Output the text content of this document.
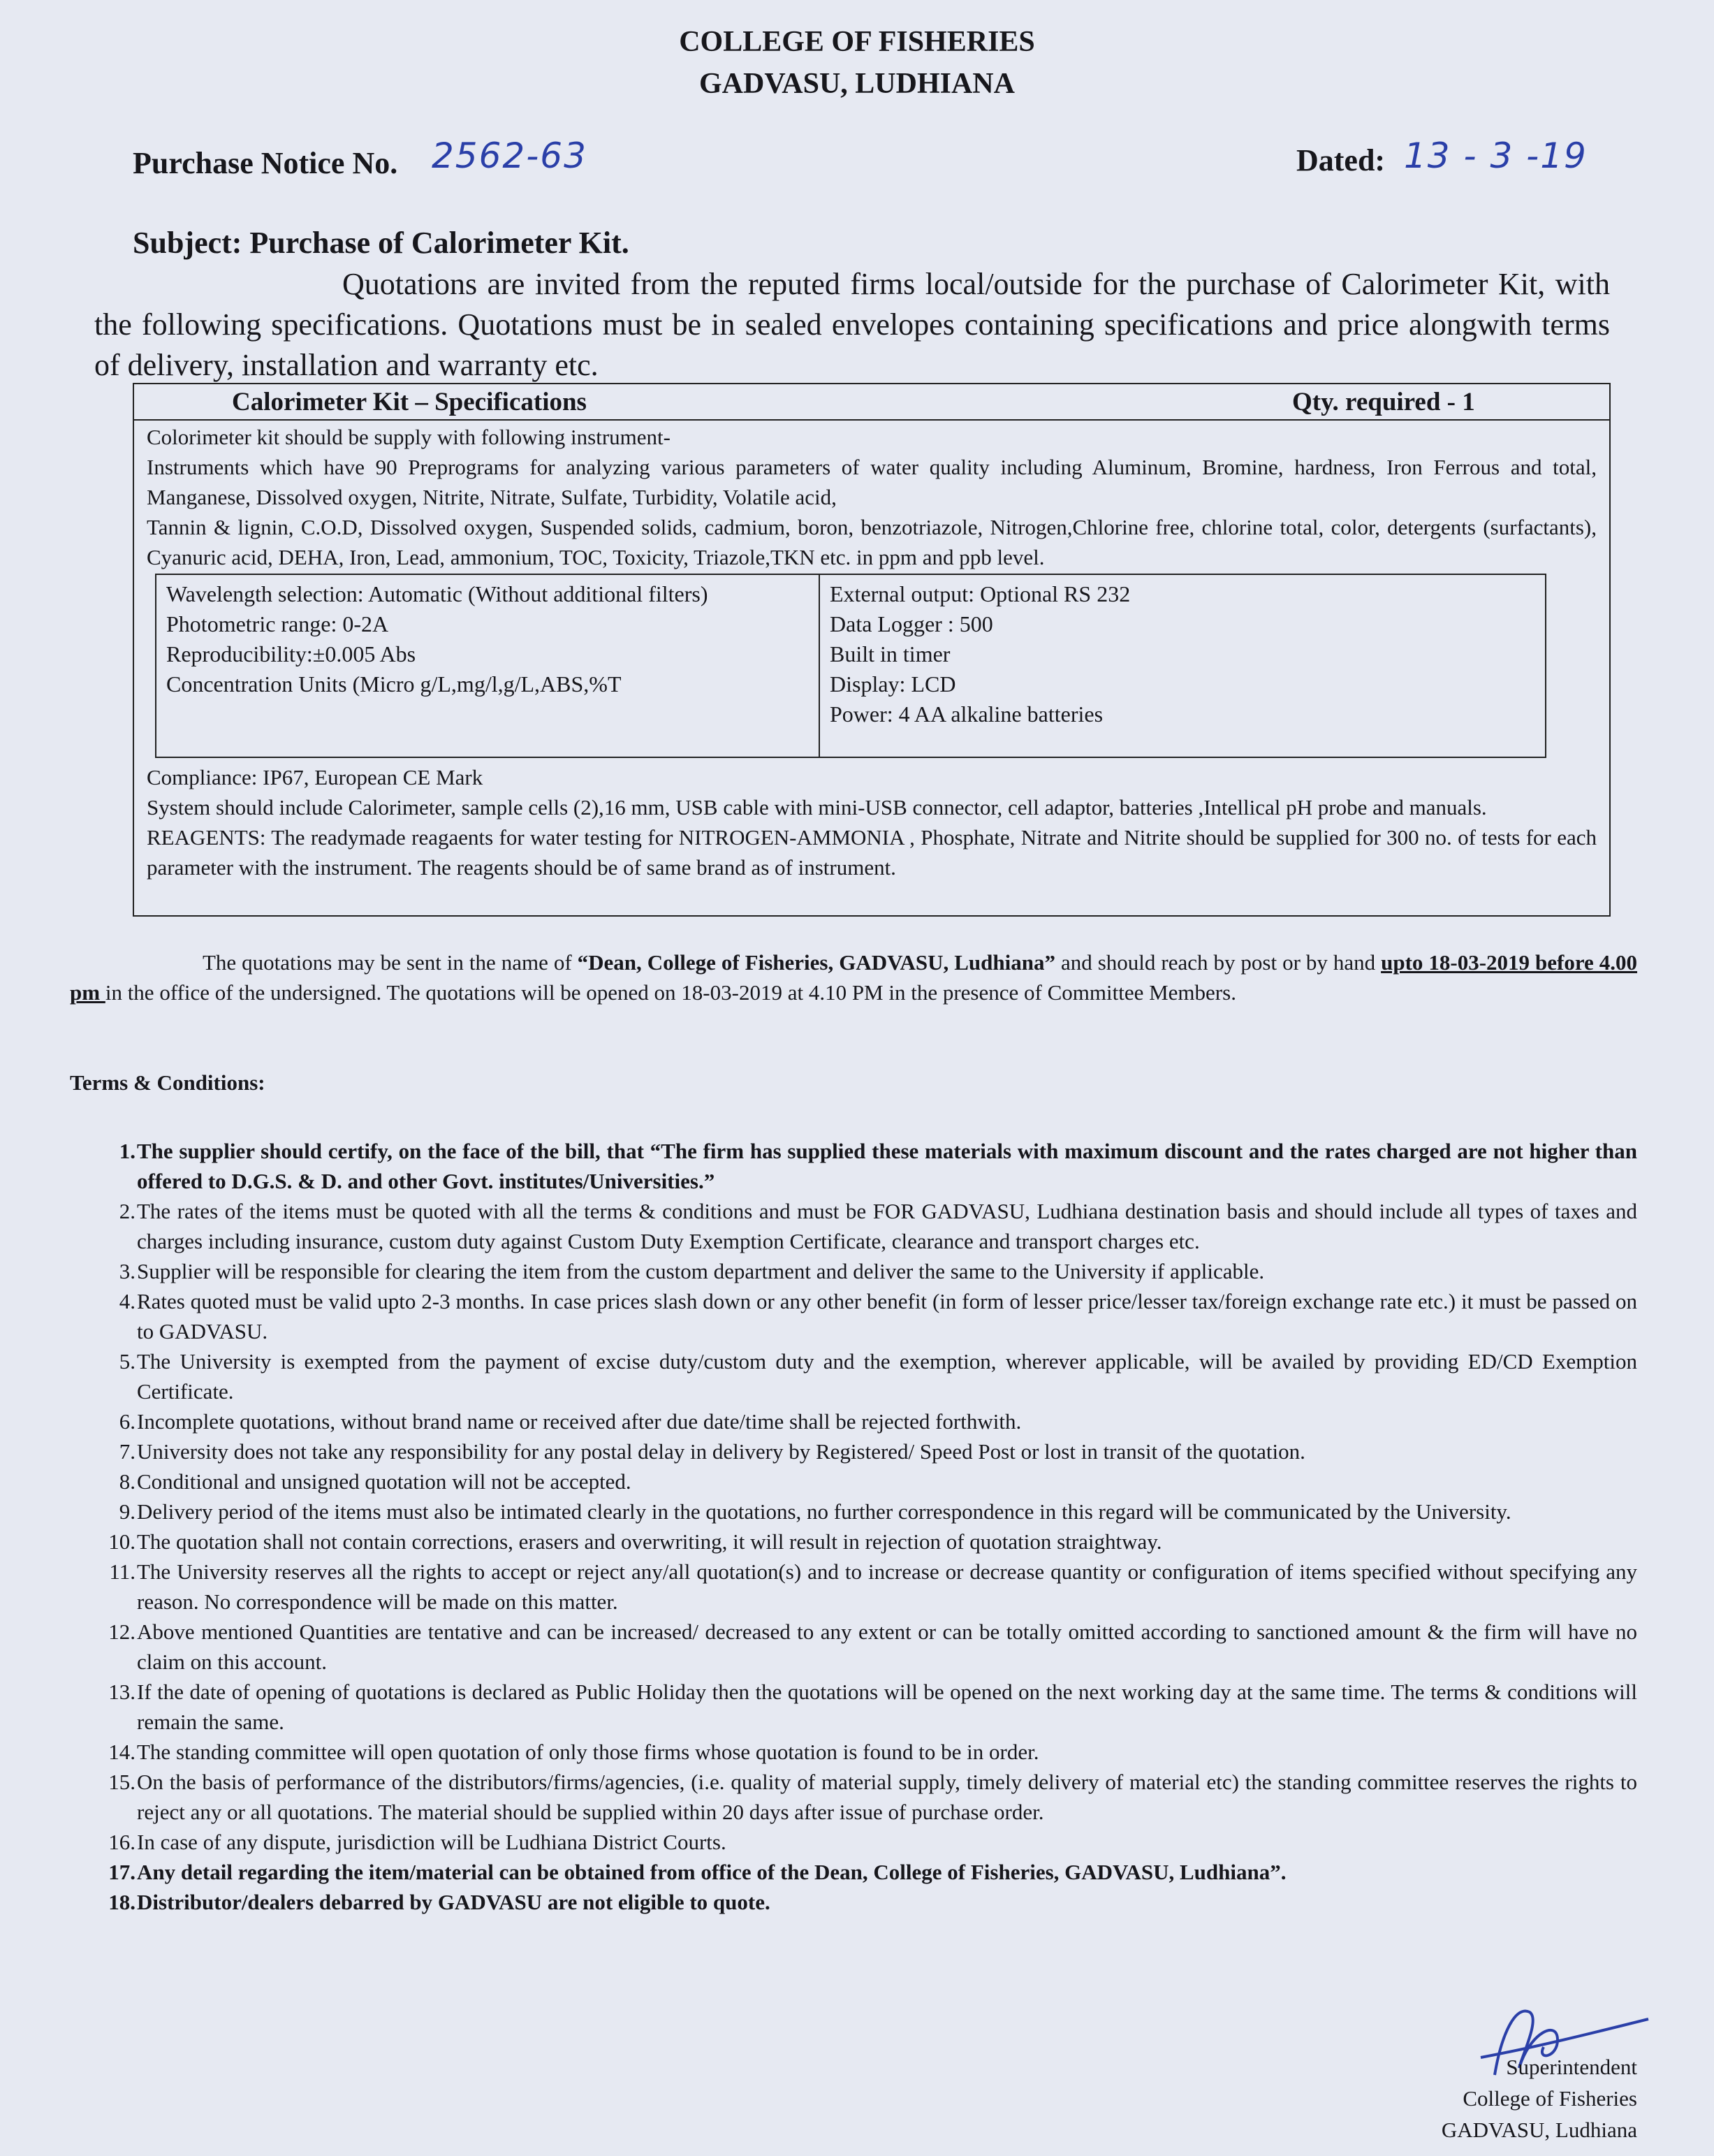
COLLEGE OF FISHERIES
GADVASU, LUDHIANA
Purchase Notice No. 2562-63	Dated: 13 - 3 -19
Subject: Purchase of Calorimeter Kit.
Quotations are invited from the reputed firms local/outside for the purchase of Calorimeter Kit, with the following specifications. Quotations must be in sealed envelopes containing specifications and price alongwith terms of delivery, installation and warranty etc.
Calorimeter Kit – Specifications	Qty. required - 1
Colorimeter kit should be supply with following instrument-
Instruments which have 90 Preprograms for analyzing various parameters of water quality including Aluminum, Bromine, hardness, Iron Ferrous and total, Manganese, Dissolved oxygen, Nitrite, Nitrate, Sulfate, Turbidity, Volatile acid,
Tannin & lignin, C.O.D, Dissolved oxygen, Suspended solids, cadmium, boron, benzotriazole, Nitrogen,Chlorine free, chlorine total, color, detergents (surfactants), Cyanuric acid, DEHA, Iron, Lead, ammonium, TOC, Toxicity, Triazole,TKN etc. in ppm and ppb level.
Wavelength selection: Automatic (Without additional filters)
Photometric range: 0-2A
Reproducibility:±0.005 Abs
Concentration Units (Micro g/L,mg/l,g/L,ABS,%T
External output: Optional RS 232
Data Logger : 500
Built in timer
Display: LCD
Power: 4 AA alkaline batteries
Compliance: IP67, European CE Mark
System should include Calorimeter, sample cells (2),16 mm, USB cable with mini-USB connector, cell adaptor, batteries ,Intellical pH probe and manuals.
REAGENTS: The readymade reagaents for water testing for NITROGEN-AMMONIA , Phosphate, Nitrate and Nitrite should be supplied for 300 no. of tests for each parameter with the instrument. The reagents should be of same brand as of instrument.
The quotations may be sent in the name of “Dean, College of Fisheries, GADVASU, Ludhiana” and should reach by post or by hand upto 18-03-2019 before 4.00 pm in the office of the undersigned. The quotations will be opened on 18-03-2019 at 4.10 PM in the presence of Committee Members.
Terms & Conditions:
1. The supplier should certify, on the face of the bill, that “The firm has supplied these materials with maximum discount and the rates charged are not higher than offered to D.G.S. & D. and other Govt. institutes/Universities.”
2. The rates of the items must be quoted with all the terms & conditions and must be FOR GADVASU, Ludhiana destination basis and should include all types of taxes and charges including insurance, custom duty against Custom Duty Exemption Certificate, clearance and transport charges etc.
3. Supplier will be responsible for clearing the item from the custom department and deliver the same to the University if applicable.
4. Rates quoted must be valid upto 2-3 months. In case prices slash down or any other benefit (in form of lesser price/lesser tax/foreign exchange rate etc.) it must be passed on to GADVASU.
5. The University is exempted from the payment of excise duty/custom duty and the exemption, wherever applicable, will be availed by providing ED/CD Exemption Certificate.
6. Incomplete quotations, without brand name or received after due date/time shall be rejected forthwith.
7. University does not take any responsibility for any postal delay in delivery by Registered/ Speed Post or lost in transit of the quotation.
8. Conditional and unsigned quotation will not be accepted.
9. Delivery period of the items must also be intimated clearly in the quotations, no further correspondence in this regard will be communicated by the University.
10. The quotation shall not contain corrections, erasers and overwriting, it will result in rejection of quotation straightway.
11. The University reserves all the rights to accept or reject any/all quotation(s) and to increase or decrease quantity or configuration of items specified without specifying any reason. No correspondence will be made on this matter.
12. Above mentioned Quantities are tentative and can be increased/ decreased to any extent or can be totally omitted according to sanctioned amount & the firm will have no claim on this account.
13. If the date of opening of quotations is declared as Public Holiday then the quotations will be opened on the next working day at the same time. The terms & conditions will remain the same.
14. The standing committee will open quotation of only those firms whose quotation is found to be in order.
15. On the basis of performance of the distributors/firms/agencies, (i.e. quality of material supply, timely delivery of material etc) the standing committee reserves the rights to reject any or all quotations. The material should be supplied within 20 days after issue of purchase order.
16. In case of any dispute, jurisdiction will be Ludhiana District Courts.
17. Any detail regarding the item/material can be obtained from office of the Dean, College of Fisheries, GADVASU, Ludhiana”.
18. Distributor/dealers debarred by GADVASU are not eligible to quote.
Superintendent
College of Fisheries
GADVASU, Ludhiana
